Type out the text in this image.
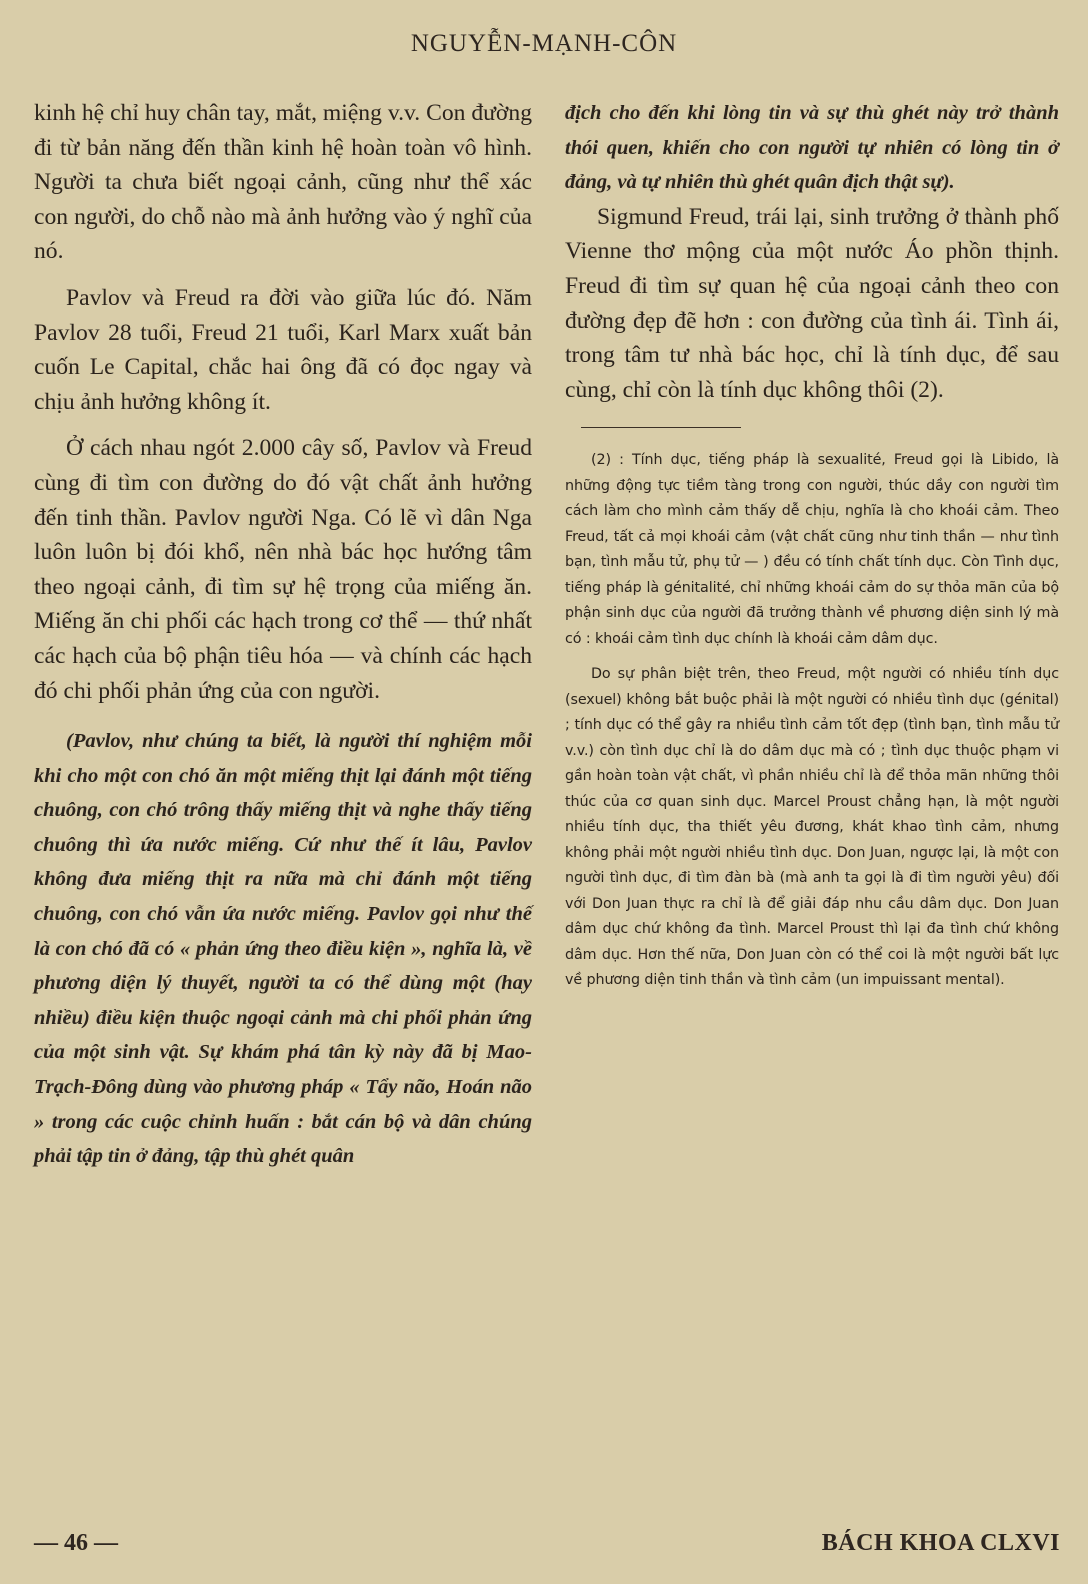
NGUYỄN-MẠNH-CÔN

kinh hệ chỉ huy chân tay, mắt, miệng v.v. Con đường đi từ bản năng đến thần kinh hệ hoàn toàn vô hình. Người ta chưa biết ngoại cảnh, cũng như thể xác con người, do chỗ nào mà ảnh hưởng vào ý nghĩ của nó.

Pavlov và Freud ra đời vào giữa lúc đó. Năm Pavlov 28 tuổi, Freud 21 tuổi, Karl Marx xuất bản cuốn Le Capital, chắc hai ông đã có đọc ngay và chịu ảnh hưởng không ít.

Ở cách nhau ngót 2.000 cây số, Pavlov và Freud cùng đi tìm con đường do đó vật chất ảnh hưởng đến tinh thần. Pavlov người Nga. Có lẽ vì dân Nga luôn luôn bị đói khổ, nên nhà bác học hướng tâm theo ngoại cảnh, đi tìm sự hệ trọng của miếng ăn. Miếng ăn chi phối các hạch trong cơ thể — thứ nhất các hạch của bộ phận tiêu hóa — và chính các hạch đó chi phối phản ứng của con người.

(Pavlov, như chúng ta biết, là người thí nghiệm mỗi khi cho một con chó ăn một miếng thịt lại đánh một tiếng chuông, con chó trông thấy miếng thịt và nghe thấy tiếng chuông thì ứa nước miếng. Cứ như thế ít lâu, Pavlov không đưa miếng thịt ra nữa mà chỉ đánh một tiếng chuông, con chó vẫn ứa nước miếng. Pavlov gọi như thế là con chó đã có « phản ứng theo điều kiện », nghĩa là, về phương diện lý thuyết, người ta có thể dùng một (hay nhiều) điều kiện thuộc ngoại cảnh mà chi phối phản ứng của một sinh vật. Sự khám phá tân kỳ này đã bị Mao-Trạch-Đông dùng vào phương pháp « Tẩy não, Hoán não » trong các cuộc chỉnh huấn : bắt cán bộ và dân chúng phải tập tin ở đảng, tập thù ghét quân

địch cho đến khi lòng tin và sự thù ghét này trở thành thói quen, khiến cho con người tự nhiên có lòng tin ở đảng, và tự nhiên thù ghét quân địch thật sự).

Sigmund Freud, trái lại, sinh trưởng ở thành phố Vienne thơ mộng của một nước Áo phồn thịnh. Freud đi tìm sự quan hệ của ngoại cảnh theo con đường đẹp đẽ hơn : con đường của tình ái. Tình ái, trong tâm tư nhà bác học, chỉ là tính dục, để sau cùng, chỉ còn là tính dục không thôi (2).

(2) : Tính dục, tiếng pháp là sexualité, Freud gọi là Libido, là những động tực tiềm tàng trong con người, thúc dầy con người tìm cách làm cho mình cảm thấy dễ chịu, nghĩa là cho khoái cảm. Theo Freud, tất cả mọi khoái cảm (vật chất cũng như tinh thần — như tình bạn, tình mẫu tử, phụ tử — ) đều có tính chất tính dục. Còn Tình dục, tiếng pháp là génitalité, chỉ những khoái cảm do sự thỏa mãn của bộ phận sinh dục của người đã trưởng thành về phương diện sinh lý mà có : khoái cảm tình dục chính là khoái cảm dâm dục.

Do sự phân biệt trên, theo Freud, một người có nhiều tính dục (sexuel) không bắt buộc phải là một người có nhiều tình dục (génital) ; tính dục có thể gây ra nhiều tình cảm tốt đẹp (tình bạn, tình mẫu tử v.v.) còn tình dục chỉ là do dâm dục mà có ; tình dục thuộc phạm vi gần hoàn toàn vật chất, vì phần nhiều chỉ là để thỏa mãn những thôi thúc của cơ quan sinh dục. Marcel Proust chẳng hạn, là một người nhiều tính dục, tha thiết yêu đương, khát khao tình cảm, nhưng không phải một người nhiều tình dục. Don Juan, ngược lại, là một con người tình dục, đi tìm đàn bà (mà anh ta gọi là đi tìm người yêu) đối với Don Juan thực ra chỉ là để giải đáp nhu cầu dâm dục. Don Juan dâm dục chứ không đa tình. Marcel Proust thì lại đa tình chứ không dâm dục. Hơn thế nữa, Don Juan còn có thể coi là một người bất lực về phương diện tinh thần và tình cảm (un impuissant mental).

— 46 —	BÁCH KHOA CLXVI
